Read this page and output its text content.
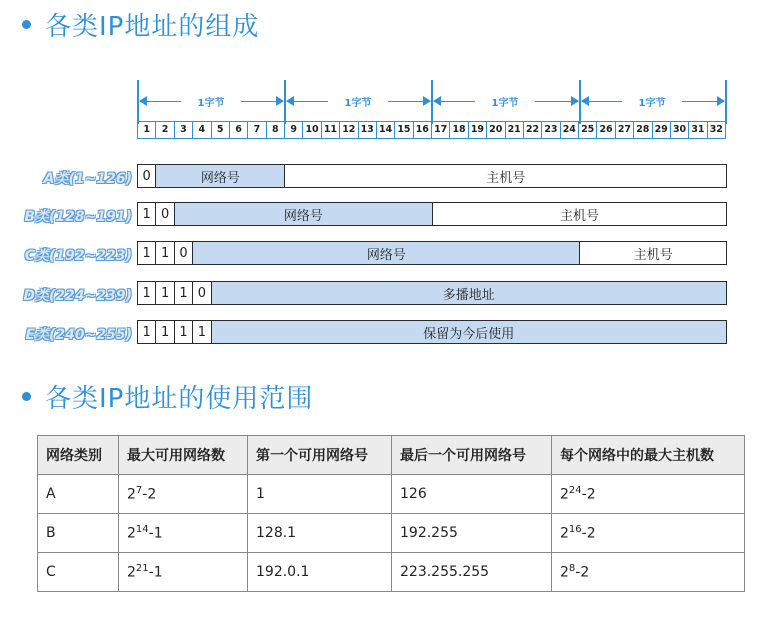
各类IP地址的组成
1字节	1字节	1字节	1字节
1	2	3	4	5	6	7	8	9 10 11 12 13 14 15 16 17 18 19 20 21 22 23 24 25 26 27 28 29 30 31 32
A类(1~126) 0	网络号	主机号
B类(128~191) 1 0	网络号	主机号
C类(192~223) 1 1 0	网络号	主机号
D类(224~239) 1 1 1 0	多播地址
E类(240~255) 1 1 1 1	保留为今后使用
各类IP地址的使用范围
网络类别	最大可用网络数	第一个可用网络号	最后一个可用网络号	每个网络中的最大主机数
A	$2^7-2$	1	126	$2^{24}-2$
B	$2^{14}-1$	128.1	192.255	$2^{16}-2$
C	$2^{21}-1$	192.0.1	223.255.255	$2^8-2$
